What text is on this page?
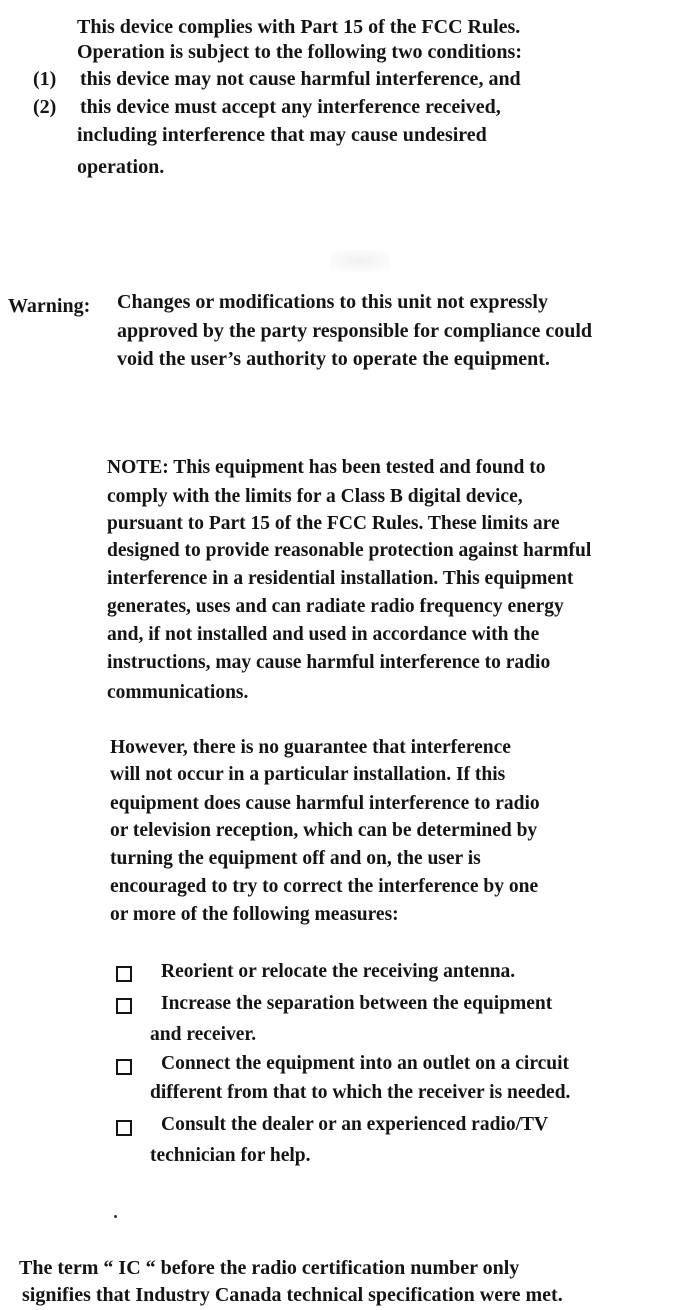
This device complies with Part 15 of the FCC Rules.
Operation is subject to the following two conditions:
(1) this device may not cause harmful interference, and
(2) this device must accept any interference received,
including interference that may cause undesired
operation.
Warning: Changes or modifications to this unit not expressly
approved by the party responsible for compliance could
void the user’s authority to operate the equipment.
NOTE: This equipment has been tested and found to
comply with the limits for a Class B digital device,
pursuant to Part 15 of the FCC Rules. These limits are
designed to provide reasonable protection against harmful
interference in a residential installation. This equipment
generates, uses and can radiate radio frequency energy
and, if not installed and used in accordance with the
instructions, may cause harmful interference to radio
communications.
However, there is no guarantee that interference
will not occur in a particular installation. If this
equipment does cause harmful interference to radio
or television reception, which can be determined by
turning the equipment off and on, the user is
encouraged to try to correct the interference by one
or more of the following measures:
Reorient or relocate the receiving antenna.
Increase the separation between the equipment
and receiver.
Connect the equipment into an outlet on a circuit
different from that to which the receiver is needed.
Consult the dealer or an experienced radio/TV
technician for help.
The term “ IC “ before the radio certification number only
signifies that Industry Canada technical specification were met.
